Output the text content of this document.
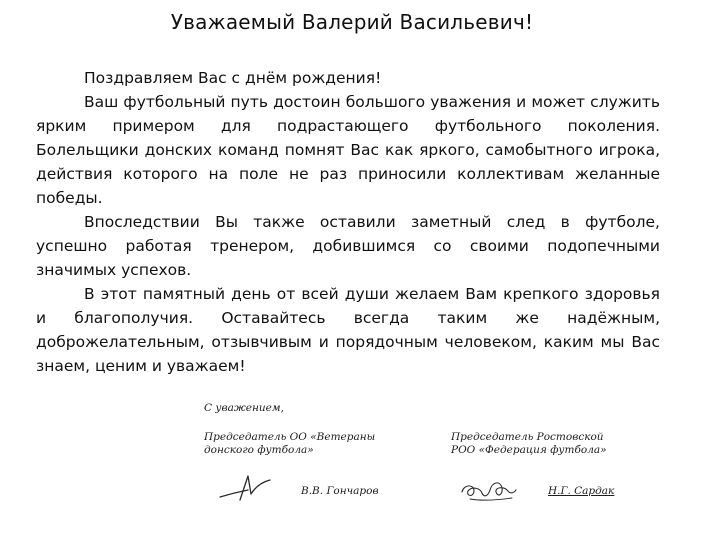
Уважаемый Валерий Васильевич!

Поздравляем Вас с днём рождения!

Ваш футбольный путь достоин большого уважения и может служить ярким примером для подрастающего футбольного поколения. Болельщики донских команд помнят Вас как яркого, самобытного игрока, действия которого на поле не раз приносили коллективам желанные победы.

Впоследствии Вы также оставили заметный след в футболе, успешно работая тренером, добившимся со своими подопечными значимых успехов.

В этот памятный день от всей души желаем Вам крепкого здоровья и благополучия. Оставайтесь всегда таким же надёжным, доброжелательным, отзывчивым и порядочным человеком, каким мы Вас знаем, ценим и уважаем!

С уважением,
Председатель ОО «Ветераны
донского футбола»
Председатель Ростовской
РОО «Федерация футбола»
В.В. Гончаров	Н.Г. Сардак
